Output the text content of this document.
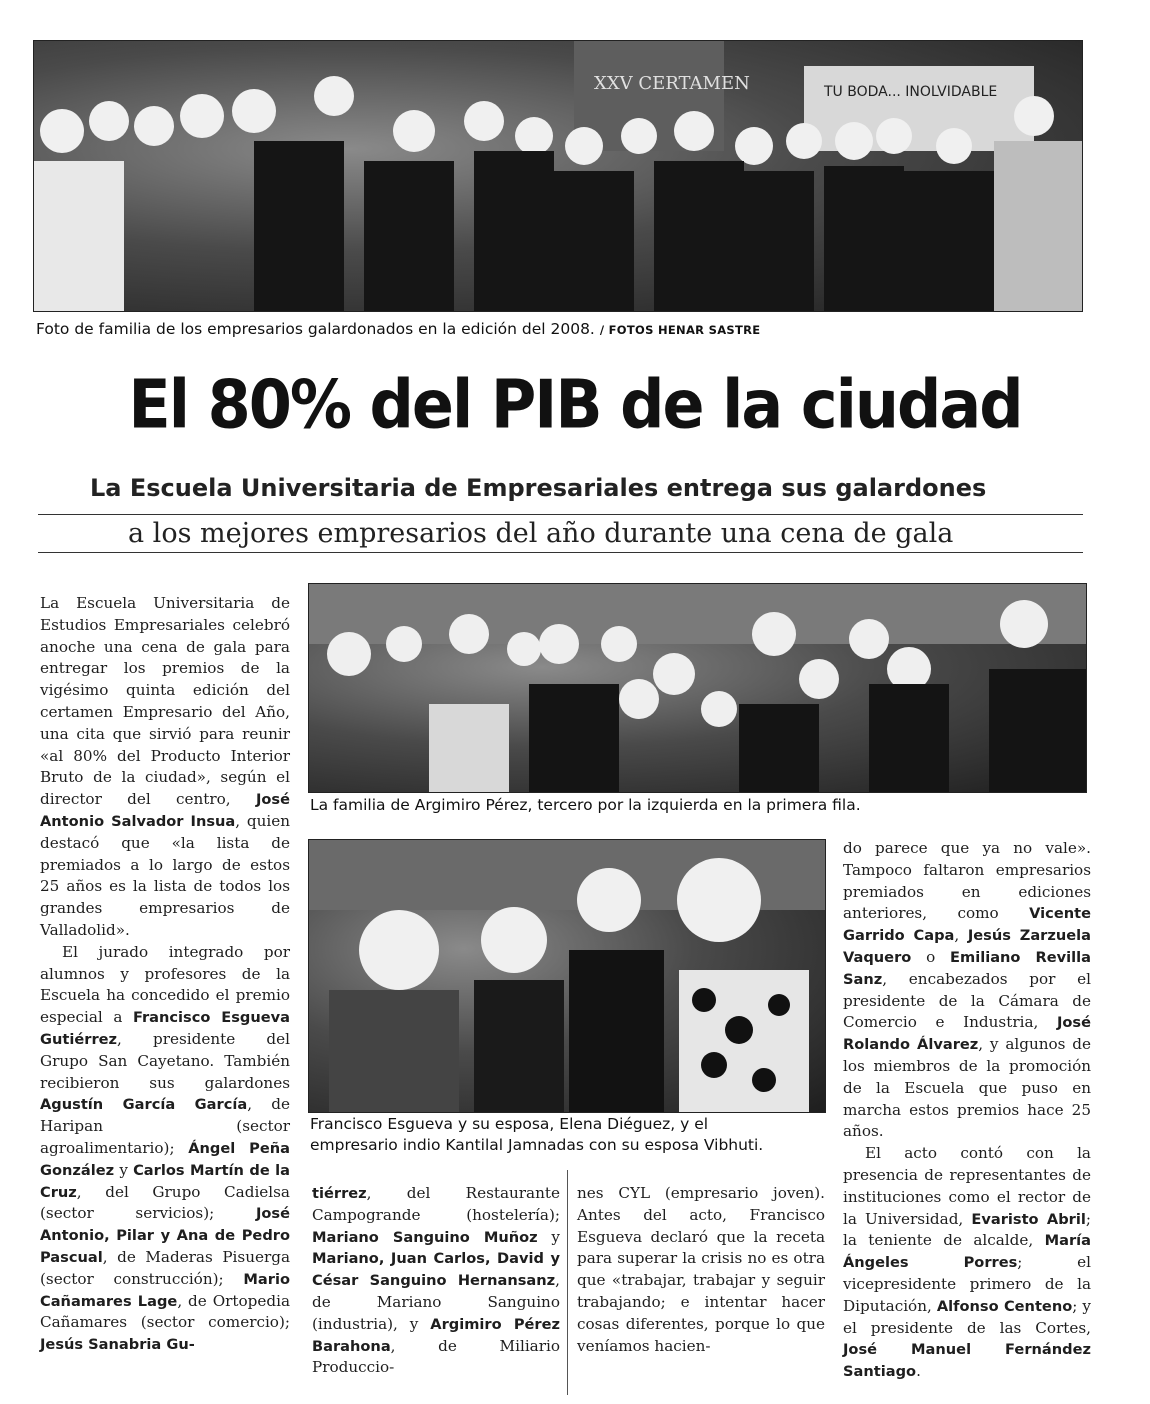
XXV CERTAMEN	TU BODA... INOLVIDABLE
Foto de familia de los empresarios galardonados en la edición del 2008. / FOTOS HENAR SASTRE
El 80% del PIB de la ciudad
La Escuela Universitaria de Empresariales entrega sus galardones
a los mejores empresarios del año durante una cena de gala
La familia de Argimiro Pérez, tercero por la izquierda en la primera fila.
Francisco Esgueva y su esposa, Elena Diéguez, y el
empresario indio Kantilal Jamnadas con su esposa Vibhuti.

La Escuela Universitaria de Estudios Empresariales celebró anoche una cena de gala para entregar los premios de la vigésimo quinta edición del certamen Empresario del Año, una cita que sirvió para reunir «al 80% del Producto Interior Bruto de la ciudad», según el director del centro, José Antonio Salvador Insua, quien destacó que «la lista de premiados a lo largo de estos 25 años es la lista de todos los grandes empresarios de Valladolid».

El jurado integrado por alumnos y profesores de la Escuela ha concedido el premio especial a Francisco Esgueva Gutiérrez, presidente del Grupo San Cayetano. También recibieron sus galardones Agustín García García, de Haripan (sector agroalimentario); Ángel Peña González y Carlos Martín de la Cruz, del Grupo Cadielsa (sector servicios); José Antonio, Pilar y Ana de Pedro Pascual, de Maderas Pisuerga (sector construcción); Mario Cañamares Lage, de Ortopedia Cañamares (sector comercio); Jesús Sanabria Gu-

tiérrez, del Restaurante Campogrande (hostelería); Mariano Sanguino Muñoz y Mariano, Juan Carlos, David y César Sanguino Hernansanz, de Mariano Sanguino (industria), y Argimiro Pérez Barahona, de Miliario Produccio-

nes CYL (empresario joven). Antes del acto, Francisco Esgueva declaró que la receta para superar la crisis no es otra que «trabajar, trabajar y seguir trabajando; e intentar hacer cosas diferentes, porque lo que veníamos hacien-

do parece que ya no vale». Tampoco faltaron empresarios premiados en ediciones anteriores, como Vicente Garrido Capa, Jesús Zarzuela Vaquero o Emiliano Revilla Sanz, encabezados por el presidente de la Cámara de Comercio e Industria, José Rolando Álvarez, y algunos de los miembros de la promoción de la Escuela que puso en marcha estos premios hace 25 años.

El acto contó con la presencia de representantes de instituciones como el rector de la Universidad, Evaristo Abril; la teniente de alcalde, María Ángeles Porres; el vicepresidente primero de la Diputación, Alfonso Centeno; y el presidente de las Cortes, José Manuel Fernández Santiago.
